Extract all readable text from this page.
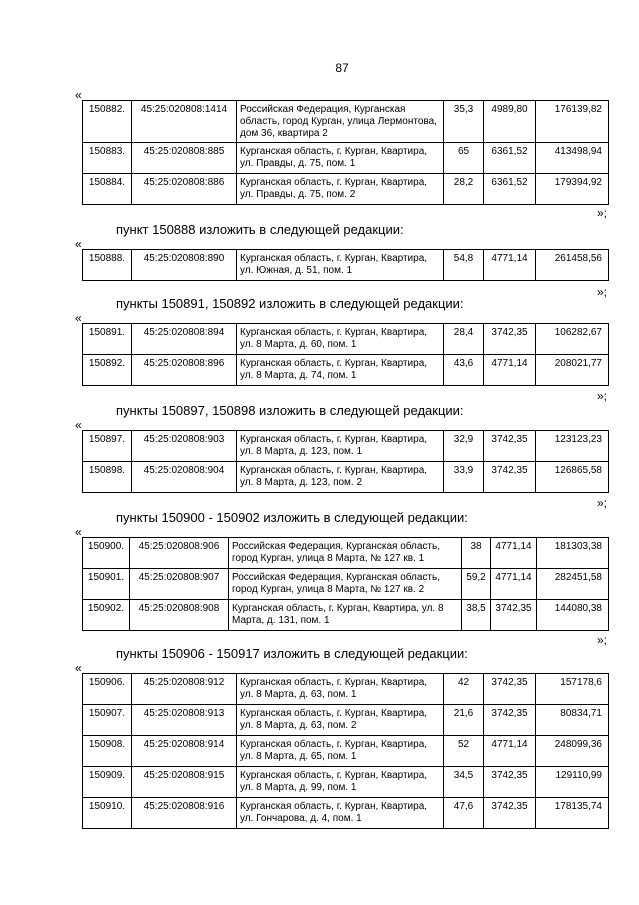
87
«
150882.	45:25:020808:1414	Российская Федерация, Курганская область, город Курган, улица Лермонтова, дом 36, квартира 2	35,3	4989,80	176139,82
150883.	45:25:020808:885	Курганская область, г. Курган, Квартира, ул. Правды, д. 75, пом. 1	65	6361,52	413498,94
150884.	45:25:020808:886	Курганская область, г. Курган, Квартира, ул. Правды, д. 75, пом. 2	28,2	6361,52	179394,92
»;
пункт 150888 изложить в следующей редакции:
«
150888.	45:25:020808:890	Курганская область, г. Курган, Квартира, ул. Южная, д. 51, пом. 1	54,8	4771,14	261458,56
»;
пункты 150891, 150892 изложить в следующей редакции:
«
150891.	45:25:020808:894	Курганская область, г. Курган, Квартира, ул. 8 Марта, д. 60, пом. 1	28,4	3742,35	106282,67
150892.	45:25:020808:896	Курганская область, г. Курган, Квартира, ул. 8 Марта, д. 74, пом. 1	43,6	4771,14	208021,77
»;
пункты 150897, 150898 изложить в следующей редакции:
«
150897.	45:25:020808:903	Курганская область, г. Курган, Квартира, ул. 8 Марта, д. 123, пом. 1	32,9	3742,35	123123,23
150898.	45:25:020808:904	Курганская область, г. Курган, Квартира, ул. 8 Марта, д. 123, пом. 2	33,9	3742,35	126865,58
»;
пункты 150900 - 150902 изложить в следующей редакции:
«
150900.	45:25:020808:906	Российская Федерация, Курганская область, город Курган, улица 8 Марта, № 127 кв. 1	38	4771,14	181303,38
150901.	45:25:020808:907	Российская Федерация, Курганская область, город Курган, улица 8 Марта, № 127 кв. 2	59,2	4771,14	282451,58
150902.	45:25:020808:908	Курганская область, г. Курган, Квартира, ул. 8 Марта, д. 131, пом. 1	38,5	3742,35	144080,38
»;
пункты 150906 - 150917 изложить в следующей редакции:
«
150906.	45:25:020808:912	Курганская область, г. Курган, Квартира, ул. 8 Марта, д. 63, пом. 1	42	3742,35	157178,6
150907.	45:25:020808:913	Курганская область, г. Курган, Квартира, ул. 8 Марта, д. 63, пом. 2	21,6	3742,35	80834,71
150908.	45:25:020808:914	Курганская область, г. Курган, Квартира, ул. 8 Марта, д. 65, пом. 1	52	4771,14	248099,36
150909.	45:25:020808:915	Курганская область, г. Курган, Квартира, ул. 8 Марта, д. 99, пом. 1	34,5	3742,35	129110,99
150910.	45:25:020808:916	Курганская область, г. Курган, Квартира, ул. Гончарова, д. 4, пом. 1	47,6	3742,35	178135,74
